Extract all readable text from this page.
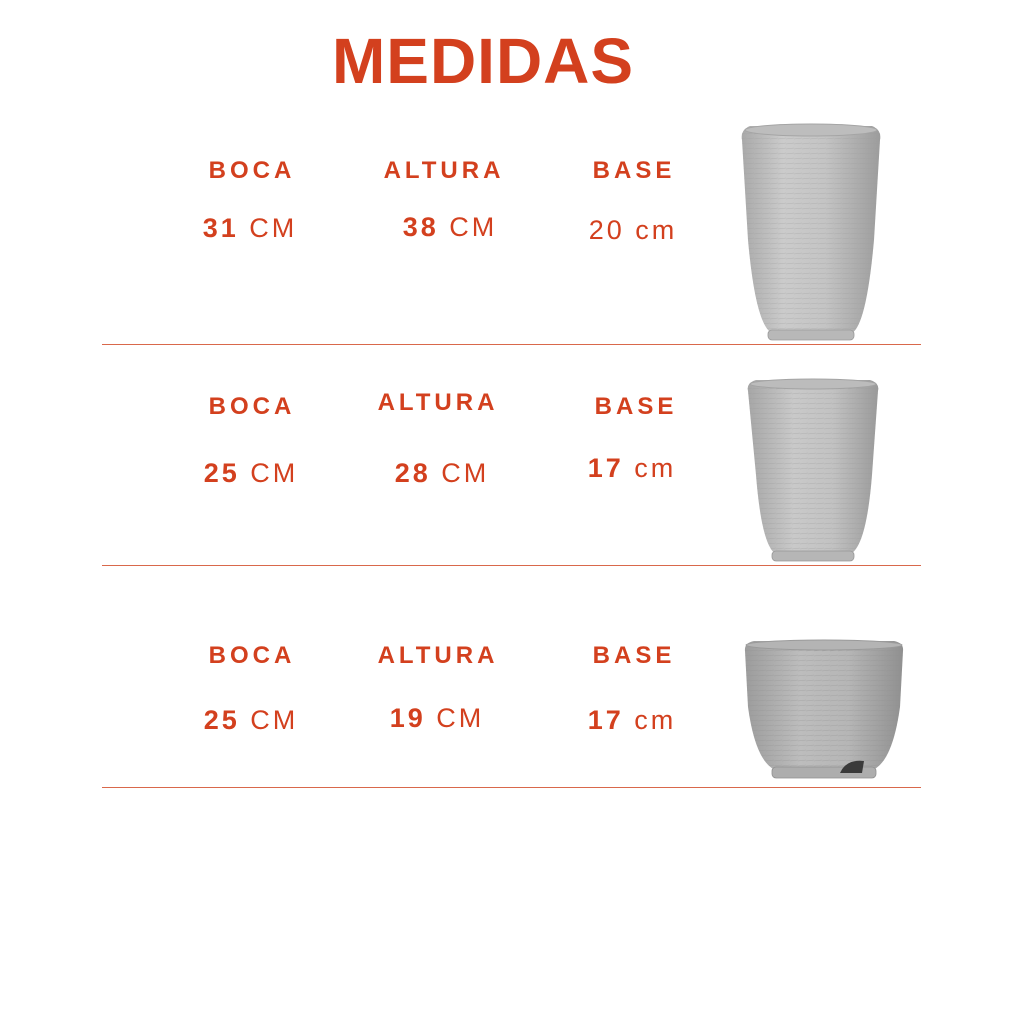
MEDIDAS
BOCA	ALTURA	BASE
31 CM	38 CM	20 cm
BOCA	ALTURA	BASE
25 CM	28 CM	17 cm
BOCA	ALTURA	BASE
25 CM	19 CM	17 cm
